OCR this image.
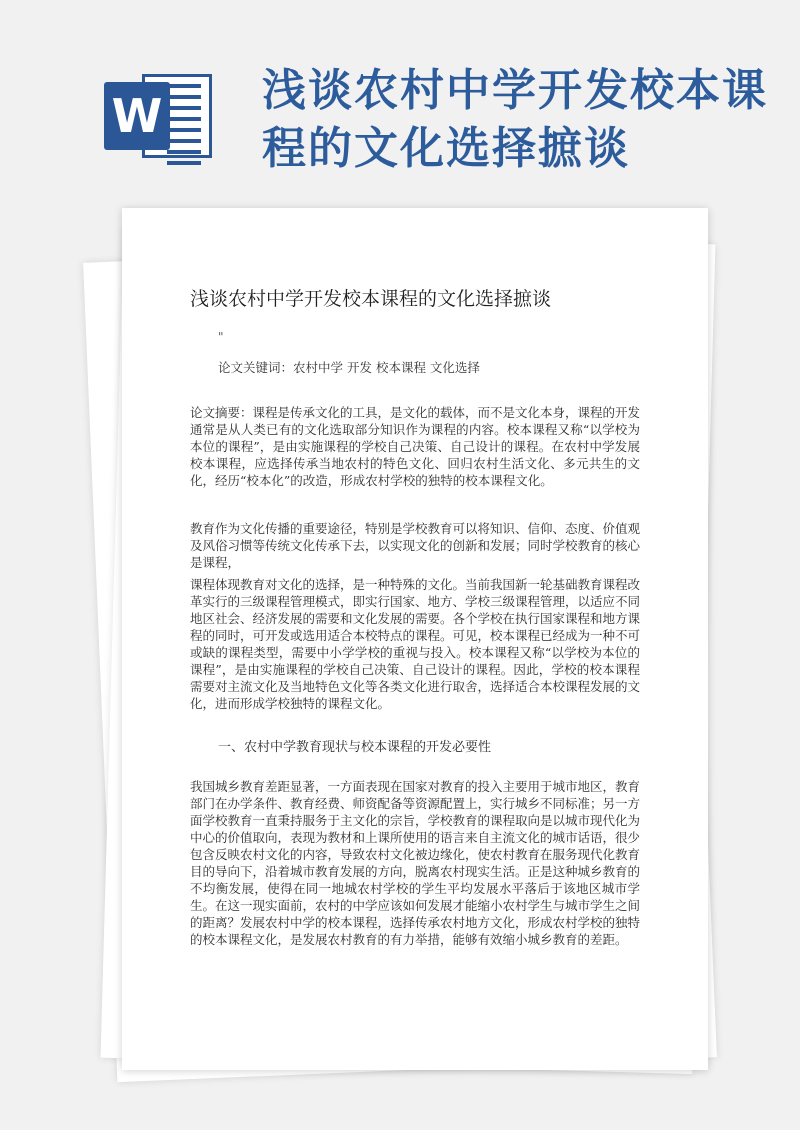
W 浅谈农村中学开发校本课程的文化选择摭谈
浅谈农村中学开发校本课程的文化选择摭谈
"
论文关键词：农村中学 开发 校本课程 文化选择

论文摘要：课程是传承文化的工具，是文化的载体，而不是文化本身，课程的开发通常是从人类已有的文化选取部分知识作为课程的内容。校本课程又称“以学校为本位的课程”，是由实施课程的学校自己决策、自己设计的课程。在农村中学发展校本课程，应选择传承当地农村的特色文化、回归农村生活文化、多元共生的文化，经历“校本化”的改造，形成农村学校的独特的校本课程文化。

教育作为文化传播的重要途径，特别是学校教育可以将知识、信仰、态度、价值观及风俗习惯等传统文化传承下去，以实现文化的创新和发展；同时学校教育的核心是课程，

课程体现教育对文化的选择，是一种特殊的文化。当前我国新一轮基础教育课程改革实行的三级课程管理模式，即实行国家、地方、学校三级课程管理，以适应不同地区社会、经济发展的需要和文化发展的需要。各个学校在执行国家课程和地方课程的同时，可开发或选用适合本校特点的课程。可见，校本课程已经成为一种不可或缺的课程类型，需要中小学学校的重视与投入。校本课程又称“以学校为本位的课程”，是由实施课程的学校自己决策、自己设计的课程。因此，学校的校本课程需要对主流文化及当地特色文化等各类文化进行取舍，选择适合本校课程发展的文化，进而形成学校独特的课程文化。

一、农村中学教育现状与校本课程的开发必要性

我国城乡教育差距显著，一方面表现在国家对教育的投入主要用于城市地区，教育部门在办学条件、教育经费、师资配备等资源配置上，实行城乡不同标准；另一方面学校教育一直秉持服务于主文化的宗旨，学校教育的课程取向是以城市现代化为中心的价值取向，表现为教材和上课所使用的语言来自主流文化的城市话语，很少包含反映农村文化的内容，导致农村文化被边缘化，使农村教育在服务现代化教育目的导向下，沿着城市教育发展的方向，脱离农村现实生活。正是这种城乡教育的不均衡发展，使得在同一地城农村学校的学生平均发展水平落后于该地区城市学生。在这一现实面前，农村的中学应该如何发展才能缩小农村学生与城市学生之间的距离？发展农村中学的校本课程，选择传承农村地方文化，形成农村学校的独特的校本课程文化，是发展农村教育的有力举措，能够有效缩小城乡教育的差距。
